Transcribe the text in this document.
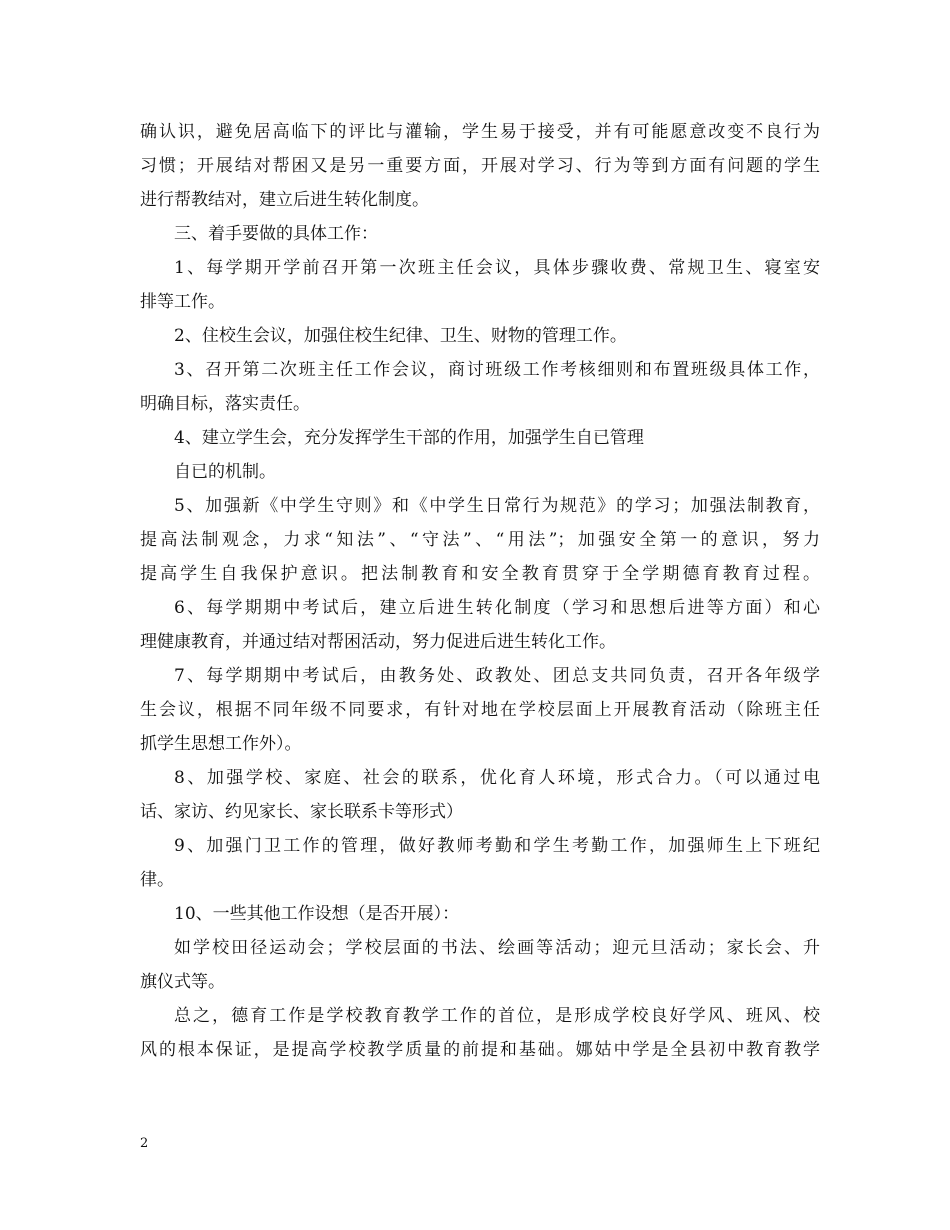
确认识，避免居高临下的评比与灌输，学生易于接受，并有可能愿意改变不良行为
习惯；开展结对帮困又是另一重要方面，开展对学习、行为等到方面有问题的学生
进行帮教结对，建立后进生转化制度。
三、着手要做的具体工作：
1、每学期开学前召开第一次班主任会议，具体步骤收费、常规卫生、寝室安
排等工作。
2、住校生会议，加强住校生纪律、卫生、财物的管理工作。
3、召开第二次班主任工作会议，商讨班级工作考核细则和布置班级具体工作，
明确目标，落实责任。
4、建立学生会，充分发挥学生干部的作用，加强学生自已管理
自已的机制。
5、加强新《中学生守则》和《中学生日常行为规范》的学习；加强法制教育，
提高法制观念，力求“知法”、“守法”、“用法”；加强安全第一的意识，努力
提高学生自我保护意识。把法制教育和安全教育贯穿于全学期德育教育过程。
6、每学期期中考试后，建立后进生转化制度（学习和思想后进等方面）和心
理健康教育，并通过结对帮困活动，努力促进后进生转化工作。
7、每学期期中考试后，由教务处、政教处、团总支共同负责，召开各年级学
生会议，根据不同年级不同要求，有针对地在学校层面上开展教育活动（除班主任
抓学生思想工作外）。
8、加强学校、家庭、社会的联系，优化育人环境，形式合力。（可以通过电
话、家访、约见家长、家长联系卡等形式）
9、加强门卫工作的管理，做好教师考勤和学生考勤工作，加强师生上下班纪
律。
10、一些其他工作设想（是否开展）：
如学校田径运动会；学校层面的书法、绘画等活动；迎元旦活动；家长会、升
旗仪式等。
总之，德育工作是学校教育教学工作的首位，是形成学校良好学风、班风、校
风的根本保证，是提高学校教学质量的前提和基础。娜姑中学是全县初中教育教学
2
